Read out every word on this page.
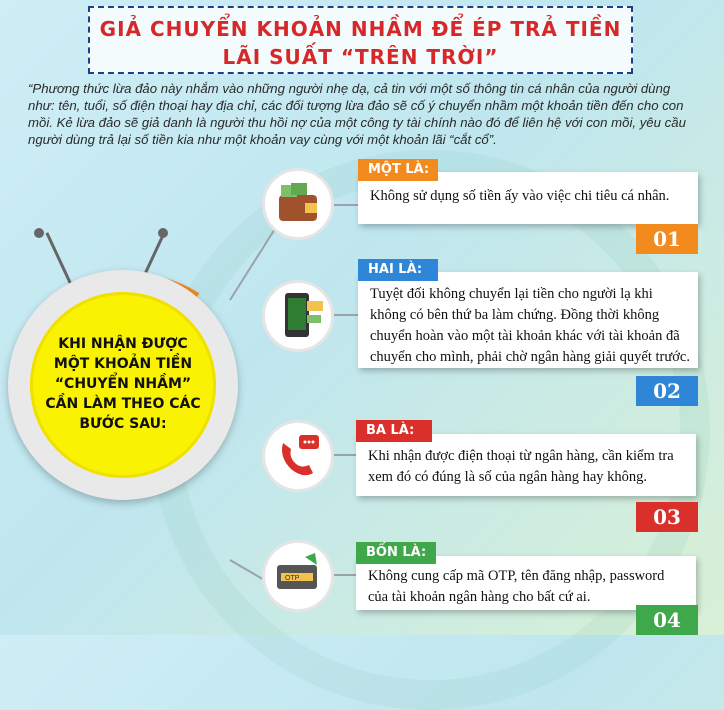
GIẢ CHUYỂN KHOẢN NHẦM ĐỂ ÉP TRẢ TIỀN
LÃI SUẤT “TRÊN TRỜI”
“Phương thức lừa đảo này nhắm vào những người nhẹ dạ, cả tin với một số thông tin cá nhân của người dùng như: tên, tuổi, số điện thoại hay địa chỉ, các đối tượng lừa đảo sẽ cố ý chuyển nhầm một khoản tiền đến cho con mồi. Kẻ lừa đảo sẽ giả danh là người thu hồi nợ của một công ty tài chính nào đó để liên hệ với con mồi, yêu cầu người dùng trả lại số tiền kia như một khoản vay cùng với một khoản lãi “cắt cổ”.
KHI NHẬN ĐƯỢC MỘT KHOẢN TIỀN “CHUYỂN NHẦM” CẦN LÀM THEO CÁC BƯỚC SAU:
OTP
Không sử dụng số tiền ấy vào việc chi tiêu cá nhân.
MỘT LÀ:
01
Tuyệt đối không chuyển lại tiền cho người lạ khi không có bên thứ ba làm chứng. Đồng thời không chuyển hoàn vào một tài khoản khác với tài khoản đã chuyển cho mình, phải chờ ngân hàng giải quyết trước.
HAI LÀ:
02
Khi nhận được điện thoại từ ngân hàng, cần kiểm tra xem đó có đúng là số của ngân hàng hay không.
BA LÀ:
03
Không cung cấp mã OTP, tên đăng nhập, password của tài khoản ngân hàng cho bất cứ ai.
BỐN LÀ:
04
